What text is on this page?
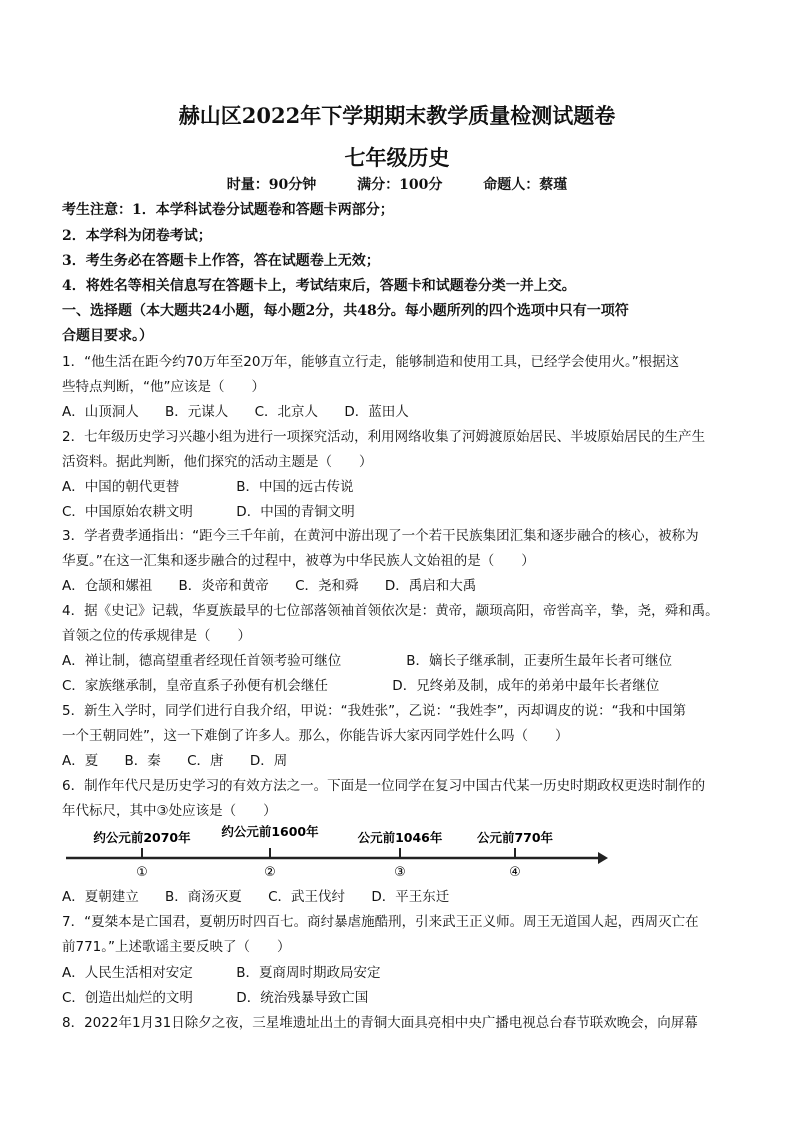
赫山区2022年下学期期末教学质量检测试题卷
七年级历史
时量：90分钟	满分：100分	命题人：蔡瑾
考生注意：1．本学科试卷分试题卷和答题卡两部分；
2．本学科为闭卷考试；
3．考生务必在答题卡上作答，答在试题卷上无效；
4．将姓名等相关信息写在答题卡上，考试结束后，答题卡和试题卷分类一并上交。
一、选择题（本大题共24小题，每小题2分，共48分。每小题所列的四个选项中只有一项符
合题目要求。）
1．“他生活在距今约70万年至20万年，能够直立行走，能够制造和使用工具，已经学会使用火。”根据这
些特点判断，“他”应该是（　　）
A．山顶洞人 B．元谋人 C．北京人 D．蓝田人
2．七年级历史学习兴趣小组为进行一项探究活动，利用网络收集了河姆渡原始居民、半坡原始居民的生产生
活资料。据此判断，他们探究的活动主题是（　　）
A．中国的朝代更替	B．中国的远古传说
C．中国原始农耕文明	D．中国的青铜文明
3．学者费孝通指出：“距今三千年前，在黄河中游出现了一个若干民族集团汇集和逐步融合的核心，被称为
华夏。”在这一汇集和逐步融合的过程中，被尊为中华民族人文始祖的是（　　）
A．仓颉和嫘祖 B．炎帝和黄帝 C．尧和舜 D．禹启和大禹
4．据《史记》记载，华夏族最早的七位部落领袖首领依次是：黄帝，颛顼高阳，帝喾高辛，挚，尧，舜和禹。
首领之位的传承规律是（　　）
A．禅让制，德高望重者经现任首领考验可继位	B．嫡长子继承制，正妻所生最年长者可继位
C．家族继承制，皇帝直系子孙便有机会继任	D．兄终弟及制，成年的弟弟中最年长者继位
5．新生入学时，同学们进行自我介绍，甲说：“我姓张”，乙说：“我姓李”，丙却调皮的说：“我和中国第
一个王朝同姓”，这一下难倒了许多人。那么，你能告诉大家丙同学姓什么吗（　　）
A．夏 B．秦 C．唐 D．周
6．制作年代尺是历史学习的有效方法之一。下面是一位同学在复习中国古代某一历史时期政权更迭时制作的
年代标尺，其中③处应该是（　　）
约公元前2070年 约公元前1600年	公元前1046年	公元前770年
①	②	③	④
A．夏朝建立 B．商汤灭夏 C．武王伐纣 D．平王东迁
7．“夏桀本是亡国君，夏朝历时四百七。商纣暴虐施酷刑，引来武王正义师。周王无道国人起，西周灭亡在
前771。”上述歌谣主要反映了（　　）
A．人民生活相对安定	B．夏商周时期政局安定
C．创造出灿烂的文明	D．统治残暴导致亡国
8．2022年1月31日除夕之夜，三星堆遗址出土的青铜大面具亮相中央广播电视总台春节联欢晚会，向屏幕
